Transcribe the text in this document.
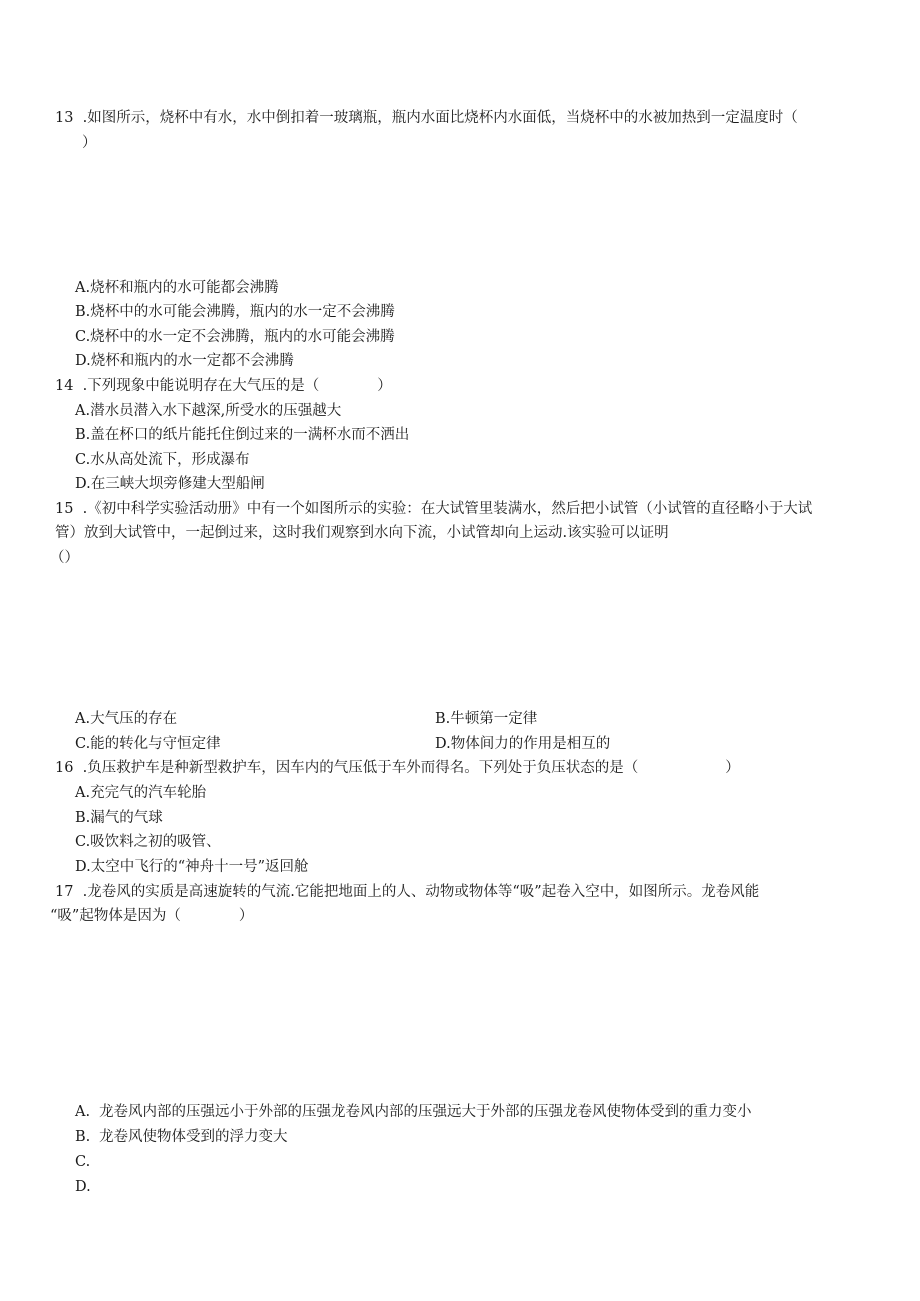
13 .如图所示，烧杯中有水，水中倒扣着一玻璃瓶，瓶内水面比烧杯内水面低，当烧杯中的水被加热到一定温度时（
）
A.烧杯和瓶内的水可能都会沸腾
B.烧杯中的水可能会沸腾，瓶内的水一定不会沸腾
C.烧杯中的水一定不会沸腾，瓶内的水可能会沸腾
D.烧杯和瓶内的水一定都不会沸腾
14 .下列现象中能说明存在大气压的是（　　　　）
A.潜水员潜入水下越深,所受水的压强越大
B.盖在杯口的纸片能托住倒过来的一满杯水而不洒出
C.水从高处流下，形成瀑布
D.在三峡大坝旁修建大型船闸
15 .《初中科学实验活动册》中有一个如图所示的实验：在大试管里装满水，然后把小试管（小试管的直径略小于大试
管）放到大试管中，一起倒过来，这时我们观察到水向下流，小试管却向上运动.该实验可以证明
（）
A.大气压的存在	B.牛顿第一定律
C.能的转化与守恒定律	D.物体间力的作用是相互的
16 .负压救护车是种新型救护车，因车内的气压低于车外而得名。下列处于负压状态的是（　　　　　　）
A.充完气的汽车轮胎
B.漏气的气球
C.吸饮料之初的吸管、
D.太空中飞行的“神舟十一号”返回舱
17 .龙卷风的实质是高速旋转的气流.它能把地面上的人、动物或物体等“吸”起卷入空中，如图所示。龙卷风能
“吸”起物体是因为（　　　　）
A. 龙卷风内部的压强远小于外部的压强龙卷风内部的压强远大于外部的压强龙卷风使物体受到的重力变小
B. 龙卷风使物体受到的浮力变大
C.
D.
